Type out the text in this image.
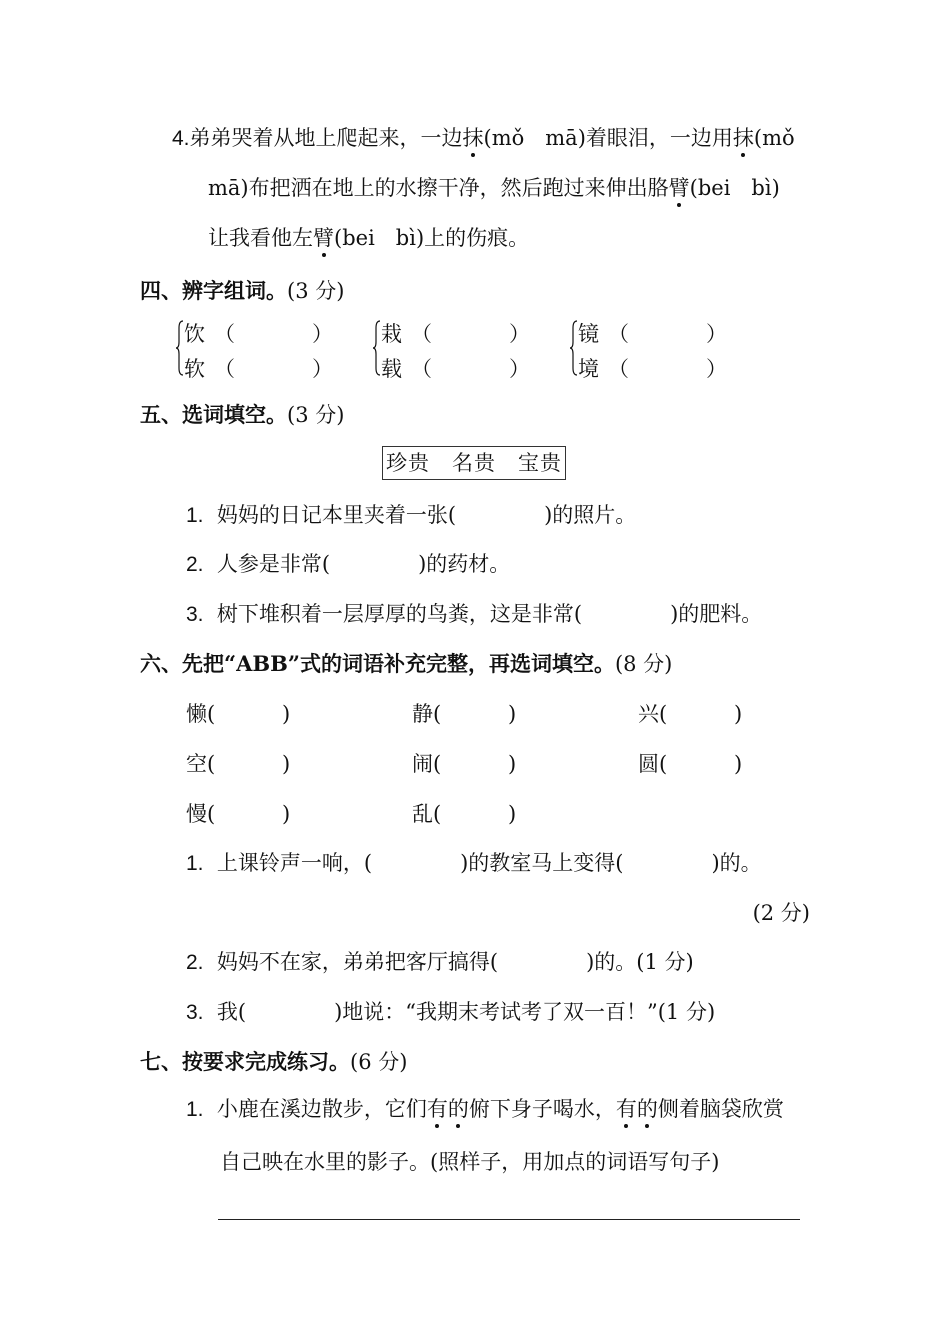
4.弟弟哭着从地上爬起来，一边抹(mǒ　mā)着眼泪，一边用抹(mǒ
mā)布把洒在地上的水擦干净，然后跑过来伸出胳臂(bei　bì)
让我看他左臂(bei　bì)上的伤痕。
四、辨字组词。(3 分)
饮 （	）
软 （	）
栽 （	）
载 （	）
镜 （	）
境 （	）
五、选词填空。(3 分)
珍贵　名贵　宝贵
1. 妈妈的日记本里夹着一张(	)的照片。
2. 人参是非常(	)的药材。
3. 树下堆积着一层厚厚的鸟粪，这是非常(	)的肥料。
六、先把“ABB”式的词语补充完整，再选词填空。(8 分)
懒(	)	静(	)	兴(	)
空(	)	闹(	)	圆(	)
慢(	)	乱(	)
1. 上课铃声一响，(	)的教室马上变得(	)的。
(2 分)
2. 妈妈不在家，弟弟把客厅搞得(	)的。(1 分)
3. 我(	)地说：“我期末考试考了双一百！”(1 分)
七、按要求完成练习。(6 分)
1. 小鹿在溪边散步，它们有的俯下身子喝水，有的侧着脑袋欣赏
自己映在水里的影子。(照样子，用加点的词语写句子)
